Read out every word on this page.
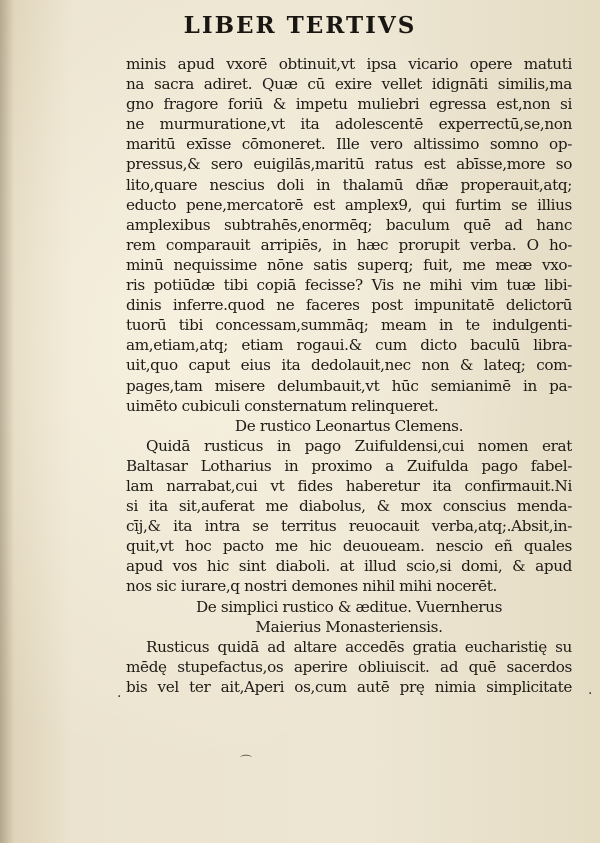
LIBER TERTIVS
minis apud vxorē obtinuit,vt ipsa vicario opere matuti
na sacra adiret. Quæ cū exire vellet idignāti similis,ma
gno fragore foriū & impetu muliebri egressa est,non si
ne murmuratione,vt ita adolescentē experrectū,se,non
maritū exīsse cōmoneret. Ille vero altissimo somno op-
pressus,& sero euigilās,maritū ratus est abīsse,more so
lito,quare nescius doli in thalamū dñæ properauit,atq;
educto pene,mercatorē est amplex9, qui furtim se illius
amplexibus subtrahēs,enormēq; baculum quē ad hanc
rem comparauit arripiēs, in hæc prorupit verba. O ho-
minū nequissime nōne satis superq; fuit, me meæ vxo-
ris potiūdæ tibi copiā fecisse? Vis ne mihi vim tuæ libi-
dinis inferre.quod ne faceres post impunitatē delictorū
tuorū tibi concessam,summāq; meam in te indulgenti-
am,etiam,atq; etiam rogaui.& cum dicto baculū libra-
uit,quo caput eius ita dedolauit,nec non & lateq; com-
pages,tam misere delumbauit,vt hūc semianimē in pa-
uimēto cubiculi consternatum relinqueret.
De rustico Leonartus Clemens.
Quidā rusticus in pago Zuifuldensi,cui nomen erat
Baltasar Lotharius in proximo a Zuifulda pago fabel-
lam narrabat,cui vt fides haberetur ita confirmauit.Ni
si ita sit,auferat me diabolus, & mox conscius menda-
cīj,& ita intra se territus reuocauit verba,atq;.Absit,in-
quit,vt hoc pacto me hic deuoueam. nescio eñ quales
apud vos hic sint diaboli. at illud scio,si domi, & apud
nos sic iurare,q nostri demones nihil mihi nocerēt.
De simplici rustico & æditue. Vuernherus
Maierius Monasteriensis.
Rusticus quidā ad altare accedēs gratia eucharistię su
mēdę stupefactus,os aperire obliuiscit. ad quē sacerdos
bis vel ter ait,Aperi os,cum autē prę nimia simplicitate
·	·
⌒
